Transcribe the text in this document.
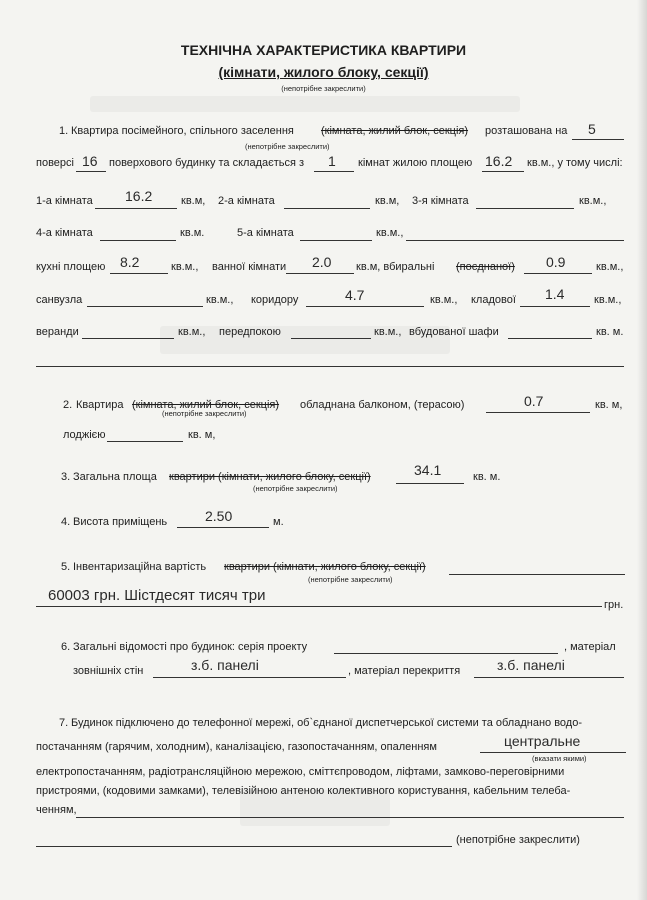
ТЕХНІЧНА ХАРАКТЕРИСТИКА КВАРТИРИ
(кімнати, жилого блоку, секції)
(непотрібне закреслити)
1. Квартира посімейного, спільного заселення (кімната, жилий блок, секція) розташована на 5
(непотрібне закреслити)
поверсі 16 поверхового будинку та складається з 1 кімнат жилою площею 16.2 кв.м., у тому числі:
1-а кімната 16.2	кв.м, 2-а кімната	кв.м, 3-я кімната	кв.м.,
4-а кімната	кв.м.	5-а кімната	кв.м.,
кухні площею 8.2	кв.м., ванної кімнати 2.0 кв.м, вбиральні (поєднаної) 0.9	кв.м.,
санвузла	кв.м., коридору	4.7	кв.м., кладової 1.4	кв.м.,
веранди	кв.м., передпокою	кв.м., вбудованої шафи	кв. м.
2. Квартира (кімната, жилий блок, секція) обладнана балконом, (терасою)	0.7	кв. м,
(непотрібне закреслити)
лоджією	кв. м,
3. Загальна площа квартири (кімнати, жилого блоку, секції)	34.1	кв. м.
(непотрібне закреслити)
4. Висота приміщень	2.50	м.
5. Інвентаризаційна вартість квартири (кімнати, жилого блоку, секції)
(непотрібне закреслити)
60003 грн. Шістдесят тисяч три
грн.
6. Загальні відомості про будинок: серія проекту	, матеріал
зовнішніх стін	з.б. панелі	, матеріал перекриття	з.б. панелі
7. Будинок підключено до телефонної мережі, об`єднаної диспетчерської системи та обладнано водо-
постачанням (гарячим, холодним), каналізацією, газопостачанням, опаленням	центральне
(вказати якими)
електропостачанням, радіотрансляційною мережою, сміттєпроводом, ліфтами, замково-переговірними
пристроями, (кодовими замками), телевізійною антеною колективного користування, кабельним телеба-
ченням,
(непотрібне закреслити)
